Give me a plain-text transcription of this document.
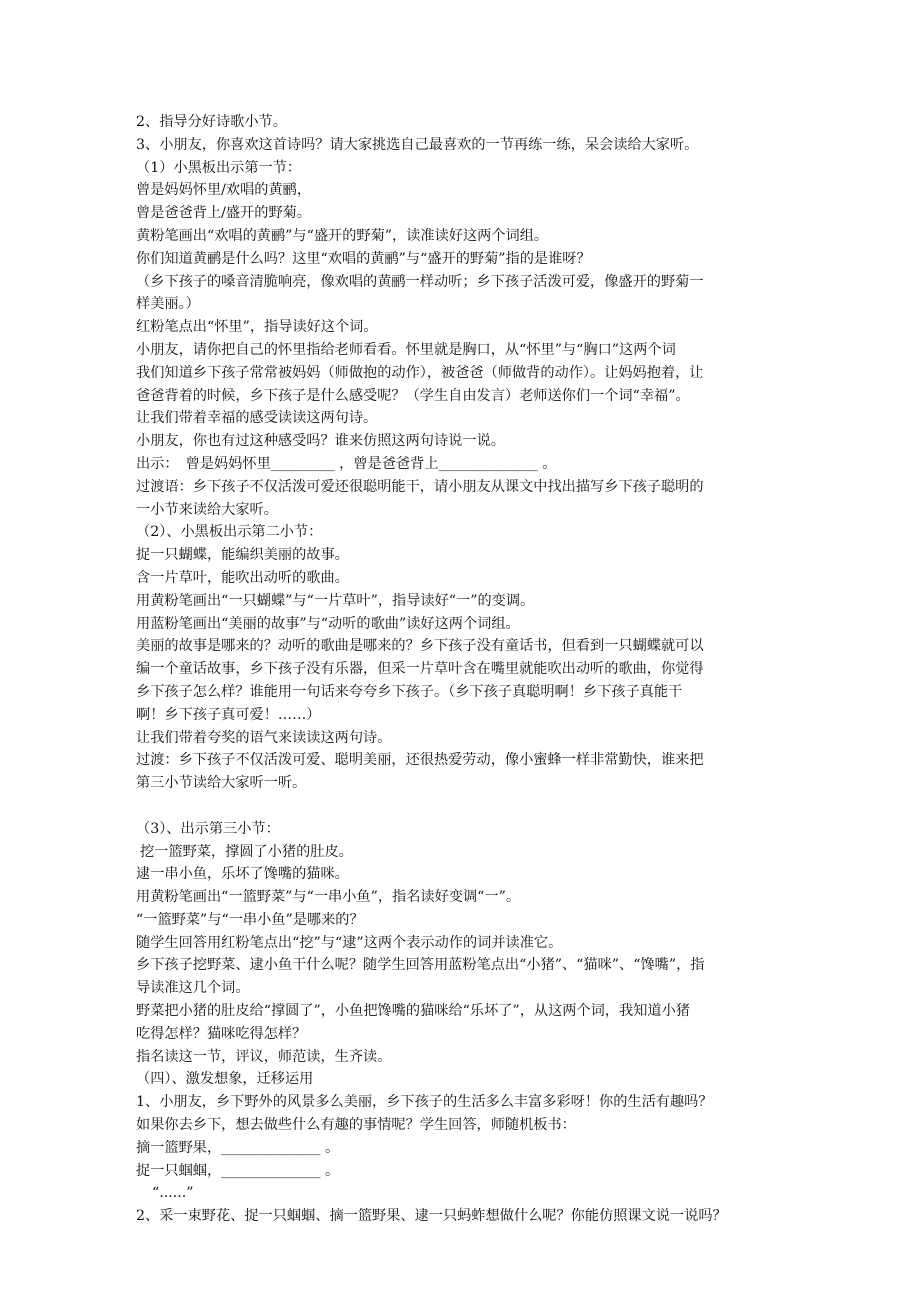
2、指导分好诗歌小节。
3、小朋友，你喜欢这首诗吗？请大家挑选自己最喜欢的一节再练一练，呆会读给大家听。
（1）小黑板出示第一节：
曾是妈妈怀里/欢唱的黄鹂，
曾是爸爸背上/盛开的野菊。
黄粉笔画出“欢唱的黄鹂”与“盛开的野菊”，读准读好这两个词组。
你们知道黄鹂是什么吗？这里“欢唱的黄鹂”与“盛开的野菊”指的是谁呀？
（乡下孩子的嗓音清脆响亮，像欢唱的黄鹂一样动听；乡下孩子活泼可爱，像盛开的野菊一
样美丽。）
红粉笔点出“怀里”，指导读好这个词。
小朋友，请你把自己的怀里指给老师看看。怀里就是胸口，从“怀里”与“胸口”这两个词
我们知道乡下孩子常常被妈妈（师做抱的动作），被爸爸（师做背的动作）。让妈妈抱着，让
爸爸背着的时候，乡下孩子是什么感受呢？（学生自由发言）老师送你们一个词“幸福”。
让我们带着幸福的感受读读这两句诗。
小朋友，你也有过这种感受吗？谁来仿照这两句诗说一说。
出示：　曾是妈妈怀里_________ ，曾是爸爸背上______________ 。
过渡语：乡下孩子不仅活泼可爱还很聪明能干，请小朋友从课文中找出描写乡下孩子聪明的
一小节来读给大家听。
（2）、小黑板出示第二小节：
捉一只蝴蝶，能编织美丽的故事。
含一片草叶，能吹出动听的歌曲。
用黄粉笔画出“一只蝴蝶”与“一片草叶”，指导读好“一”的变调。
用蓝粉笔画出“美丽的故事”与“动听的歌曲”读好这两个词组。
美丽的故事是哪来的？动听的歌曲是哪来的？乡下孩子没有童话书，但看到一只蝴蝶就可以
编一个童话故事，乡下孩子没有乐器，但采一片草叶含在嘴里就能吹出动听的歌曲，你觉得
乡下孩子怎么样？谁能用一句话来夸夸乡下孩子。（乡下孩子真聪明啊！乡下孩子真能干
啊！乡下孩子真可爱！……）
让我们带着夸奖的语气来读读这两句诗。
过渡：乡下孩子不仅活泼可爱、聪明美丽，还很热爱劳动，像小蜜蜂一样非常勤快，谁来把
第三小节读给大家听一听。
（3）、出示第三小节：
挖一篮野菜，撑圆了小猪的肚皮。
逮一串小鱼，乐坏了馋嘴的猫咪。
用黄粉笔画出“一篮野菜”与“一串小鱼”，指名读好变调“一”。
“一篮野菜”与“一串小鱼”是哪来的？
随学生回答用红粉笔点出“挖”与“逮”这两个表示动作的词并读准它。
乡下孩子挖野菜、逮小鱼干什么呢？随学生回答用蓝粉笔点出“小猪”、“猫咪”、“馋嘴”，指
导读准这几个词。
野菜把小猪的肚皮给“撑圆了”，小鱼把馋嘴的猫咪给“乐坏了”，从这两个词，我知道小猪
吃得怎样？猫咪吃得怎样？
指名读这一节，评议，师范读，生齐读。
（四）、激发想象，迁移运用
1、小朋友，乡下野外的风景多么美丽，乡下孩子的生活多么丰富多彩呀！你的生活有趣吗？
如果你去乡下，想去做些什么有趣的事情呢？学生回答，师随机板书：
摘一篮野果，______________ 。
捉一只蝈蝈，______________ 。
“......”
2、采一束野花、捉一只蝈蝈、摘一篮野果、逮一只蚂蚱想做什么呢？你能仿照课文说一说吗？
